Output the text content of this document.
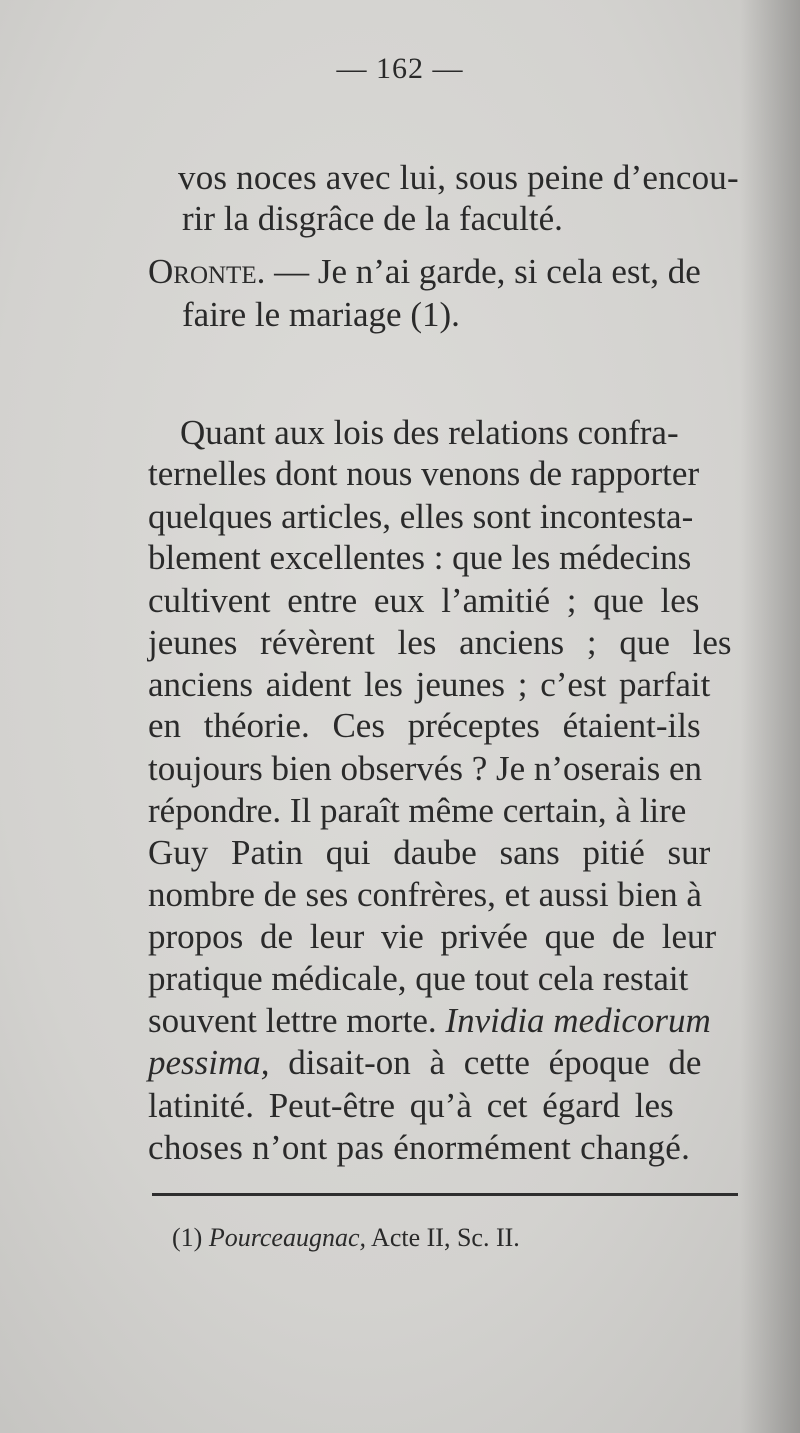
— 162 —
vos noces avec lui, sous peine d’encou-
rir la disgrâce de la faculté.
Oronte. — Je n’ai garde, si cela est, de
faire le mariage (1).
Quant aux lois des relations confra-
ternelles dont nous venons de rapporter
quelques articles, elles sont incontesta-
blement excellentes : que les médecins
cultivent entre eux l’amitié ; que les
jeunes révèrent les anciens ; que les
anciens aident les jeunes ; c’est parfait
en théorie. Ces préceptes étaient-ils
toujours bien observés ? Je n’oserais en
répondre. Il paraît même certain, à lire
Guy Patin qui daube sans pitié sur
nombre de ses confrères, et aussi bien à
propos de leur vie privée que de leur
pratique médicale, que tout cela restait
souvent lettre morte. Invidia medicorum
pessima, disait-on à cette époque de
latinité. Peut-être qu’à cet égard les
choses n’ont pas énormément changé.
(1) Pourceaugnac, Acte II, Sc. II.
